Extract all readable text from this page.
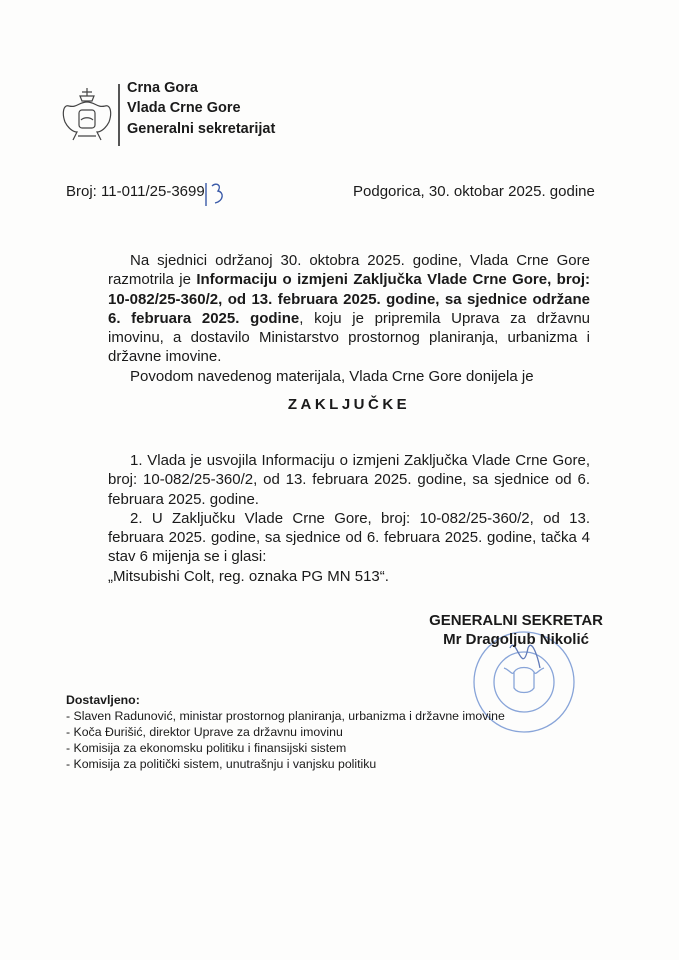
Crna Gora
Vlada Crne Gore
Generalni sekretarijat
Broj: 11-011/25-3699	Podgorica, 30. oktobar 2025. godine

Na sjednici održanoj 30. oktobra 2025. godine, Vlada Crne Gore razmotrila je Informaciju o izmjeni Zaključka Vlade Crne Gore, broj: 10-082/25-360/2, od 13. februara 2025. godine, sa sjednice održane 6. februara 2025. godine, koju je pripremila Uprava za državnu imovinu, a dostavilo Ministarstvo prostornog planiranja, urbanizma i državne imovine.

Povodom navedenog materijala, Vlada Crne Gore donijela je

ZAKLJUČKE

1. Vlada je usvojila Informaciju o izmjeni Zaključka Vlade Crne Gore, broj: 10-082/25-360/2, od 13. februara 2025. godine, sa sjednice od 6. februara 2025. godine.

2. U Zaključku Vlade Crne Gore, broj: 10-082/25-360/2, od 13. februara 2025. godine, sa sjednice od 6. februara 2025. godine, tačka 4 stav 6 mijenja se i glasi:

„Mitsubishi Colt, reg. oznaka PG MN 513“.

GENERALNI SEKRETAR
Mr Dragoljub Nikolić
Dostavljeno:
- Slaven Radunović, ministar prostornog planiranja, urbanizma i državne imovine
- Koča Đurišić, direktor Uprave za državnu imovinu
- Komisija za ekonomsku politiku i finansijski sistem
- Komisija za politički sistem, unutrašnju i vanjsku politiku
